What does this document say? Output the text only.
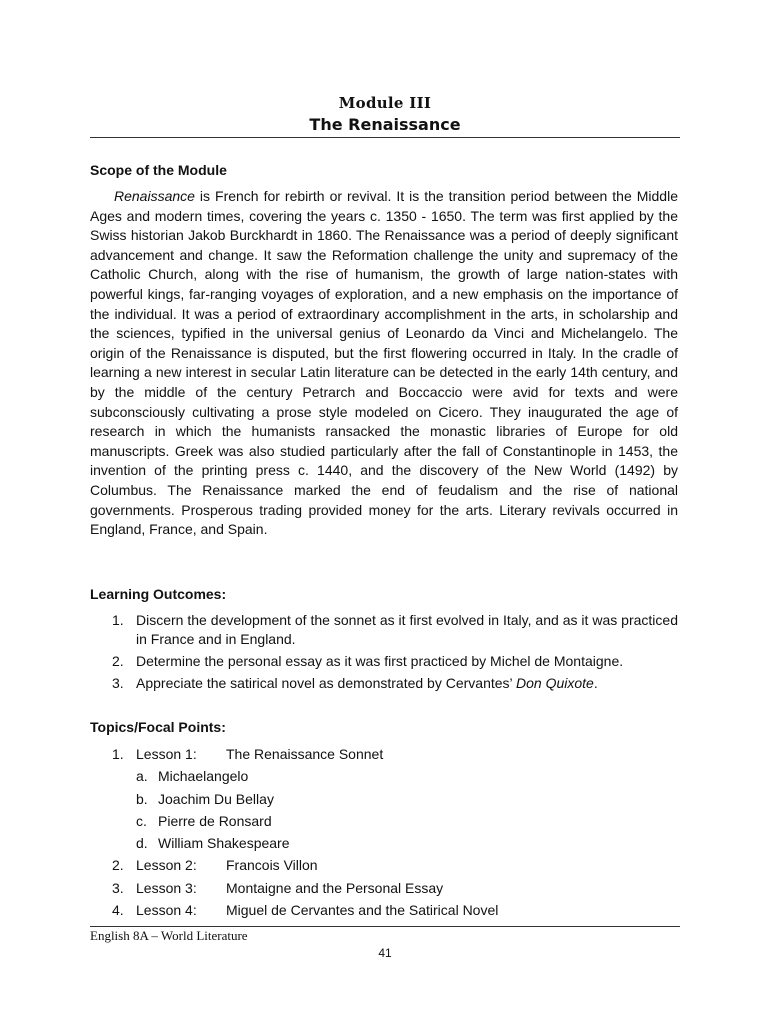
Module III
The Renaissance
Scope of the Module

Renaissance is French for rebirth or revival. It is the transition period between the Middle Ages and modern times, covering the years c. 1350 - 1650. The term was first applied by the Swiss historian Jakob Burckhardt in 1860. The Renaissance was a period of deeply significant advancement and change. It saw the Reformation challenge the unity and supremacy of the Catholic Church, along with the rise of humanism, the growth of large nation-states with powerful kings, far-ranging voyages of exploration, and a new emphasis on the importance of the individual. It was a period of extraordinary accomplishment in the arts, in scholarship and the sciences, typified in the universal genius of Leonardo da Vinci and Michelangelo. The origin of the Renaissance is disputed, but the first flowering occurred in Italy. In the cradle of learning a new interest in secular Latin literature can be detected in the early 14th century, and by the middle of the century Petrarch and Boccaccio were avid for texts and were subconsciously cultivating a prose style modeled on Cicero. They inaugurated the age of research in which the humanists ransacked the monastic libraries of Europe for old manuscripts. Greek was also studied particularly after the fall of Constantinople in 1453, the invention of the printing press c. 1440, and the discovery of the New World (1492) by Columbus. The Renaissance marked the end of feudalism and the rise of national governments. Prosperous trading provided money for the arts. Literary revivals occurred in England, France, and Spain.

Learning Outcomes:
1. Discern the development of the sonnet as it first evolved in Italy, and as it was practiced in France and in England.
2. Determine the personal essay as it was first practiced by Michel de Montaigne.
3. Appreciate the satirical novel as demonstrated by Cervantes’ Don Quixote.
Topics/Focal Points:
1. Lesson 1: The Renaissance Sonnet
a. Michaelangelo
b. Joachim Du Bellay
c. Pierre de Ronsard
d. William Shakespeare
2. Lesson 2: Francois Villon
3. Lesson 3: Montaigne and the Personal Essay
4. Lesson 4: Miguel de Cervantes and the Satirical Novel
English 8A – World Literature
41
